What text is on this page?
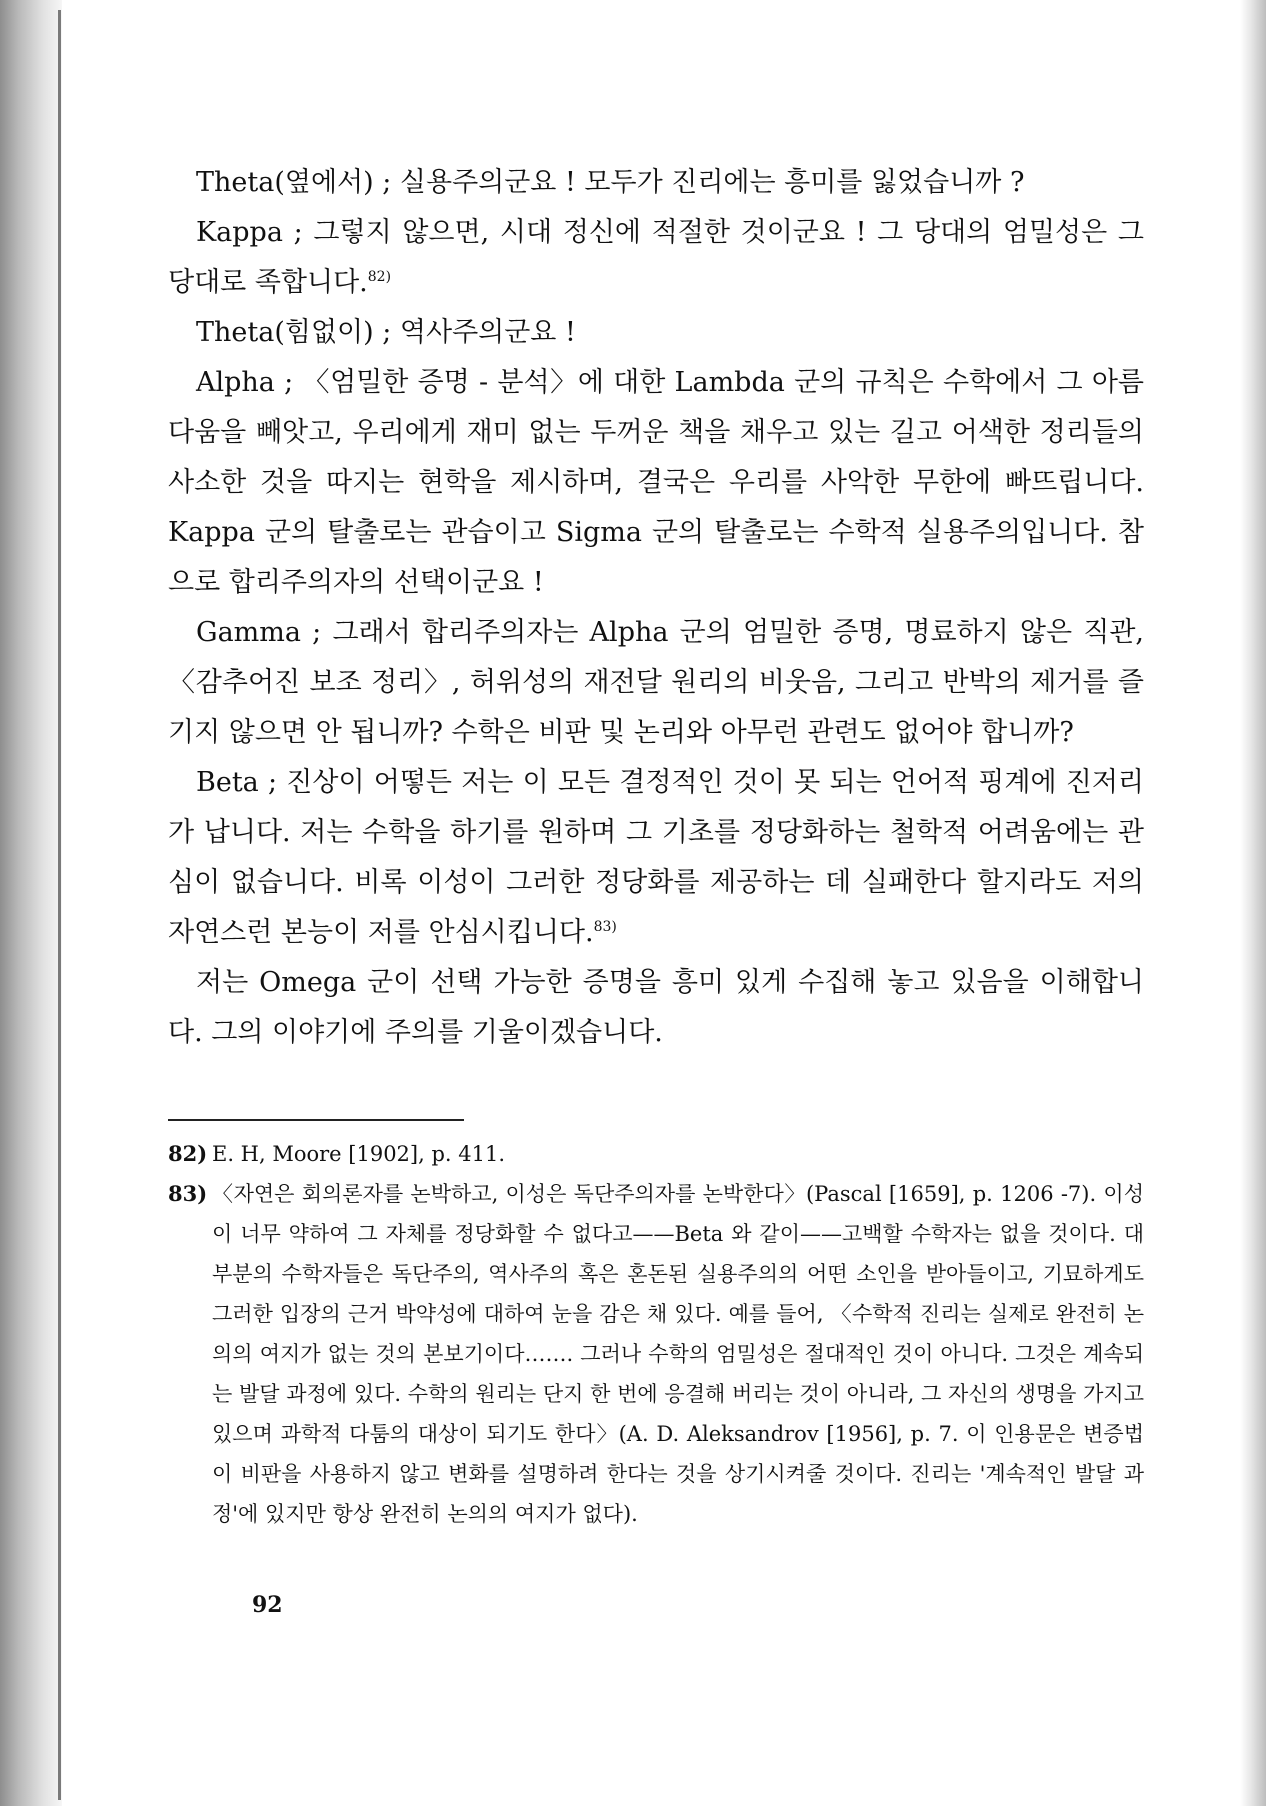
Theta(옆에서) ; 실용주의군요 ! 모두가 진리에는 흥미를 잃었습니까 ?

Kappa ; 그렇지 않으면, 시대 정신에 적절한 것이군요 ! 그 당대의 엄밀성은 그 당대로 족합니다.$^{82)}$

Theta(힘없이) ; 역사주의군요 !

Alpha ; 〈엄밀한 증명 - 분석〉에 대한 Lambda 군의 규칙은 수학에서 그 아름다움을 빼앗고, 우리에게 재미 없는 두꺼운 책을 채우고 있는 길고 어색한 정리들의 사소한 것을 따지는 현학을 제시하며, 결국은 우리를 사악한 무한에 빠뜨립니다. Kappa 군의 탈출로는 관습이고 Sigma 군의 탈출로는 수학적 실용주의입니다. 참으로 합리주의자의 선택이군요 !

Gamma ; 그래서 합리주의자는 Alpha 군의 엄밀한 증명, 명료하지 않은 직관, 〈감추어진 보조 정리〉, 허위성의 재전달 원리의 비웃음, 그리고 반박의 제거를 즐기지 않으면 안 됩니까? 수학은 비판 및 논리와 아무런 관련도 없어야 합니까?

Beta ; 진상이 어떻든 저는 이 모든 결정적인 것이 못 되는 언어적 핑계에 진저리가 납니다. 저는 수학을 하기를 원하며 그 기초를 정당화하는 철학적 어려움에는 관심이 없습니다. 비록 이성이 그러한 정당화를 제공하는 데 실패한다 할지라도 저의 자연스런 본능이 저를 안심시킵니다.$^{83)}$

저는 Omega 군이 선택 가능한 증명을 흥미 있게 수집해 놓고 있음을 이해합니다. 그의 이야기에 주의를 기울이겠습니다.

82) E. H, Moore [1902], p. 411.

83) 〈자연은 회의론자를 논박하고, 이성은 독단주의자를 논박한다〉(Pascal [1659], p. 1206 -7). 이성이 너무 약하여 그 자체를 정당화할 수 없다고——Beta 와 같이——고백할 수학자는 없을 것이다. 대부분의 수학자들은 독단주의, 역사주의 혹은 혼돈된 실용주의의 어떤 소인을 받아들이고, 기묘하게도 그러한 입장의 근거 박약성에 대하여 눈을 감은 채 있다. 예를 들어, 〈수학적 진리는 실제로 완전히 논의의 여지가 없는 것의 본보기이다……. 그러나 수학의 엄밀성은 절대적인 것이 아니다. 그것은 계속되는 발달 과정에 있다. 수학의 원리는 단지 한 번에 응결해 버리는 것이 아니라, 그 자신의 생명을 가지고 있으며 과학적 다툼의 대상이 되기도 한다〉(A. D. Aleksandrov [1956], p. 7. 이 인용문은 변증법이 비판을 사용하지 않고 변화를 설명하려 한다는 것을 상기시켜줄 것이다. 진리는 '계속적인 발달 과정'에 있지만 항상 완전히 논의의 여지가 없다).

92
